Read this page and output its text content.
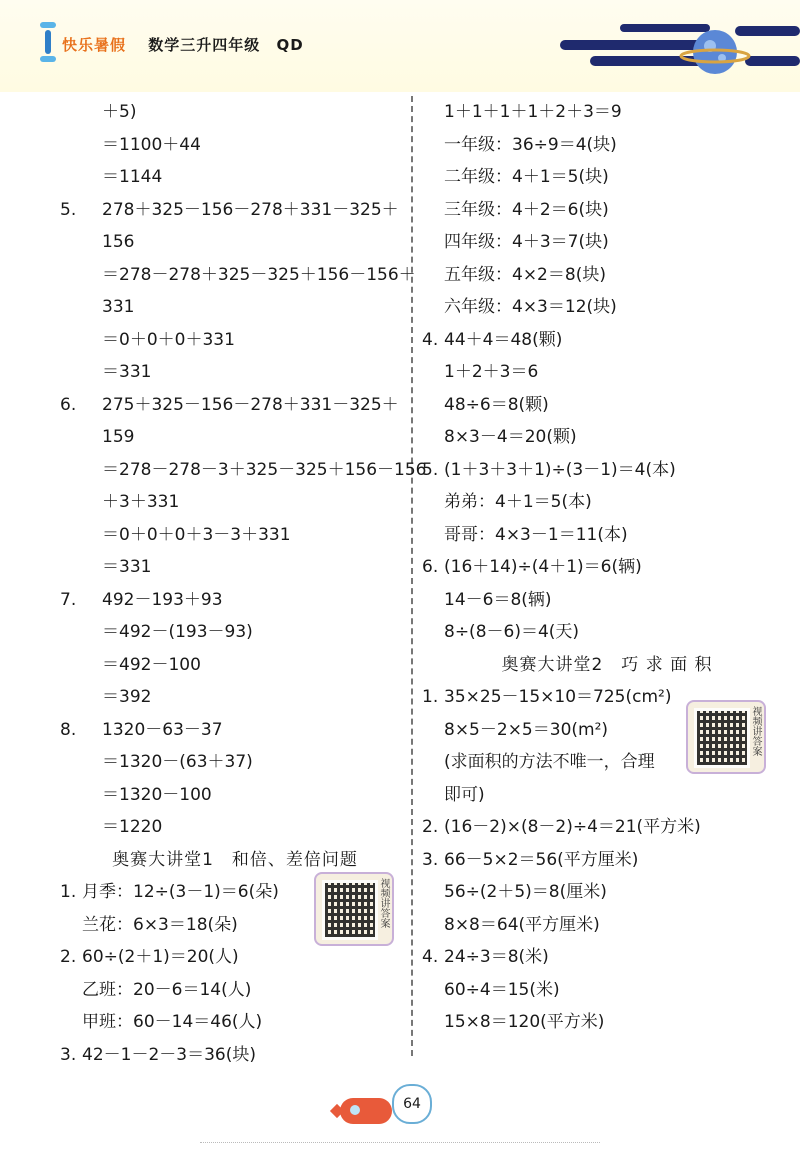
快乐暑假 数学三升四年级 QD
＋5)
＝1100＋44
＝1144
5. 278＋325－156－278＋331－325＋
156
＝278－278＋325－325＋156－156＋
331
＝0＋0＋0＋331
＝331
6. 275＋325－156－278＋331－325＋
159
＝278－278－3＋325－325＋156－156
＋3＋331
＝0＋0＋0＋3－3＋331
＝331
7. 492－193＋93
＝492－(193－93)
＝492－100
＝392
8. 1320－63－37
＝1320－(63＋37)
＝1320－100
＝1220
奥赛大讲堂1　和倍、差倍问题
1. 月季：12÷(3－1)＝6(朵)
兰花：6×3＝18(朵)
2. 60÷(2＋1)＝20(人)
乙班：20－6＝14(人)
甲班：60－14＝46(人)
3. 42－1－2－3＝36(块)
1＋1＋1＋1＋2＋3＝9
一年级：36÷9＝4(块)
二年级：4＋1＝5(块)
三年级：4＋2＝6(块)
四年级：4＋3＝7(块)
五年级：4×2＝8(块)
六年级：4×3＝12(块)
4. 44＋4＝48(颗)
1＋2＋3＝6
48÷6＝8(颗)
8×3－4＝20(颗)
5. (1＋3＋3＋1)÷(3－1)＝4(本)
弟弟：4＋1＝5(本)
哥哥：4×3－1＝11(本)
6. (16＋14)÷(4＋1)＝6(辆)
14－6＝8(辆)
8÷(8－6)＝4(天)
奥赛大讲堂2　巧 求 面 积
1. 35×25－15×10＝725(cm²)
8×5－2×5＝30(m²)
(求面积的方法不唯一，合理
即可)
2. (16－2)×(8－2)÷4＝21(平方米)
3. 66－5×2＝56(平方厘米)
56÷(2＋5)＝8(厘米)
8×8＝64(平方厘米)
4. 24÷3＝8(米)
60÷4＝15(米)
15×8＝120(平方米)
视频讲答案
视频讲答案
64
